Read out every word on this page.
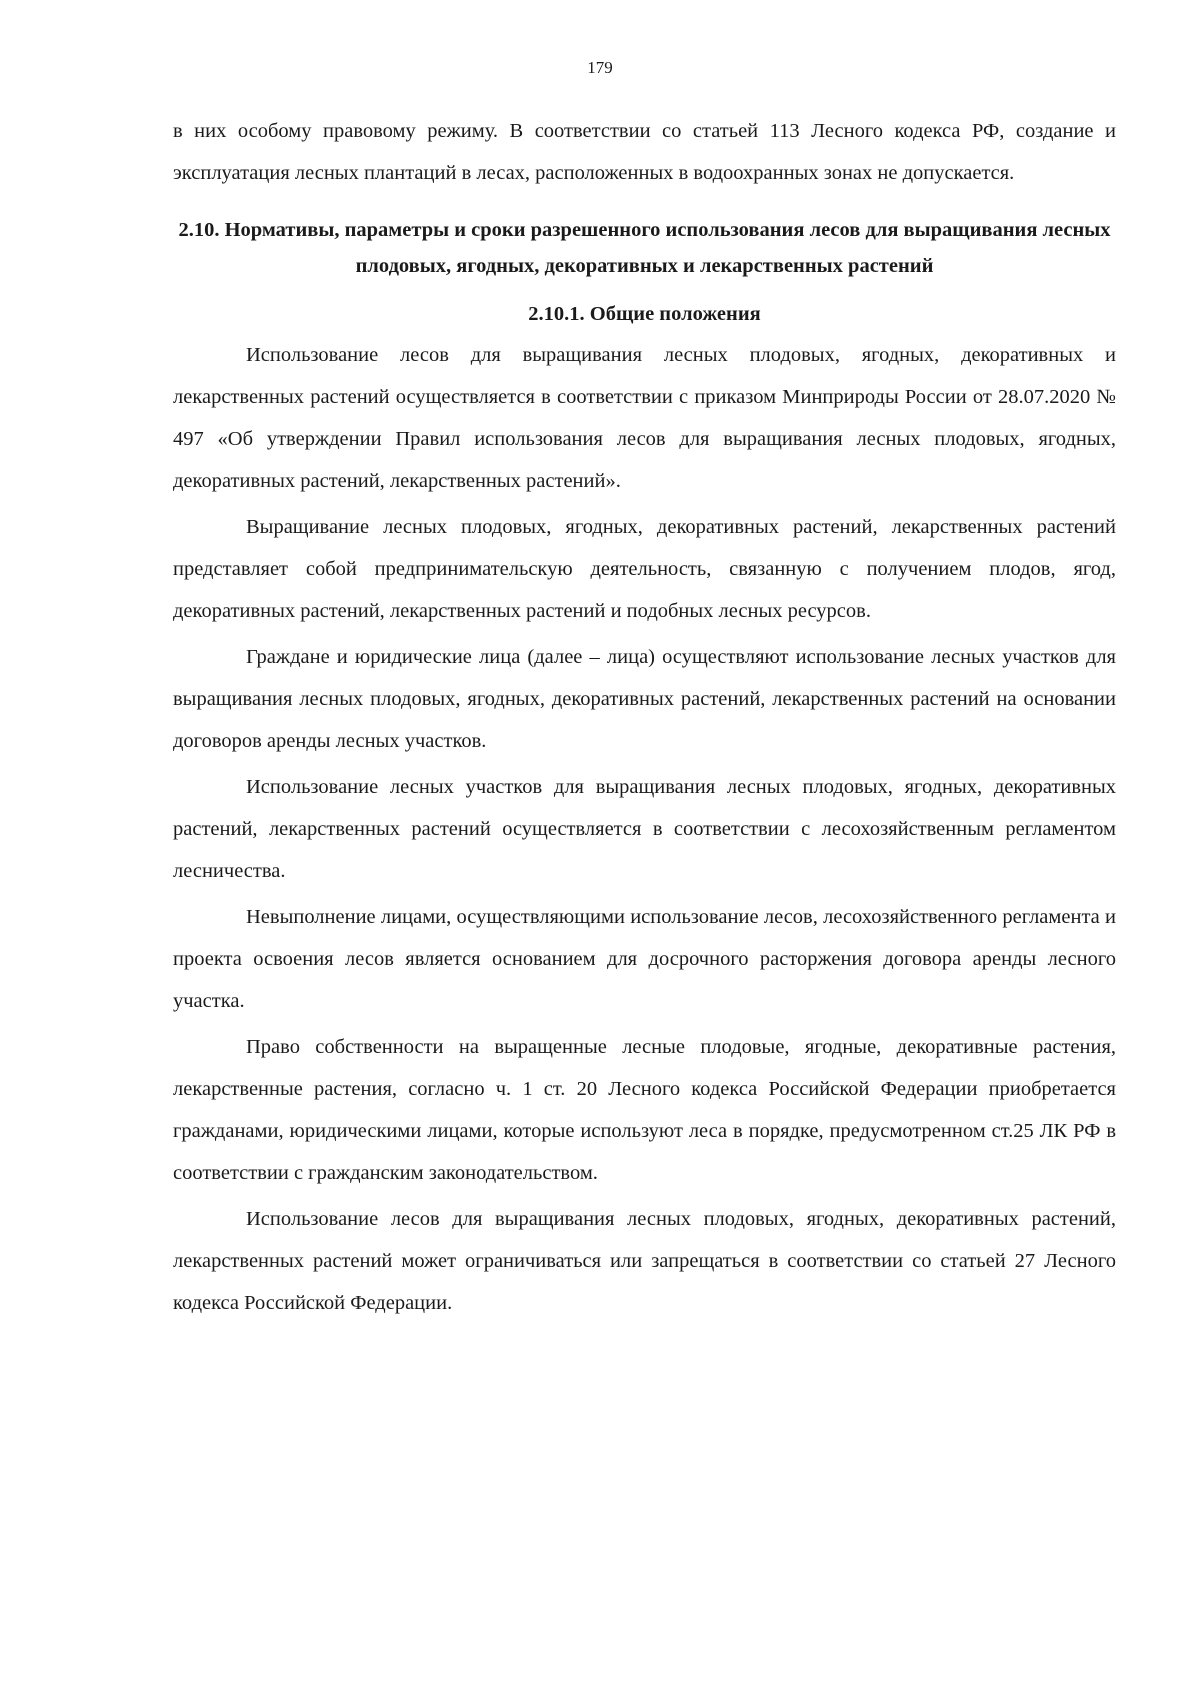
179

в них особому правовому режиму. В соответствии со статьей 113 Лесного кодекса РФ, создание и эксплуатация лесных плантаций в лесах, расположенных в водоохранных зонах не допускается.

2.10. Нормативы, параметры и сроки разрешенного использования лесов для выращивания лесных плодовых, ягодных, декоративных и лекарственных растений
2.10.1. Общие положения

Использование лесов для выращивания лесных плодовых, ягодных, декоративных и лекарственных растений осуществляется в соответствии с приказом Минприроды России от 28.07.2020 № 497 «Об утверждении Правил использования лесов для выращивания лесных плодовых, ягодных, декоративных растений, лекарственных растений».

Выращивание лесных плодовых, ягодных, декоративных растений, лекарственных растений представляет собой предпринимательскую деятельность, связанную с получением плодов, ягод, декоративных растений, лекарственных растений и подобных лесных ресурсов.

Граждане и юридические лица (далее – лица) осуществляют использование лесных участков для выращивания лесных плодовых, ягодных, декоративных растений, лекарственных растений на основании договоров аренды лесных участков.

Использование лесных участков для выращивания лесных плодовых, ягодных, декоративных растений, лекарственных растений осуществляется в соответствии с лесохозяйственным регламентом лесничества.

Невыполнение лицами, осуществляющими использование лесов, лесохозяйственного регламента и проекта освоения лесов является основанием для досрочного расторжения договора аренды лесного участка.

Право собственности на выращенные лесные плодовые, ягодные, декоративные растения, лекарственные растения, согласно ч. 1 ст. 20 Лесного кодекса Российской Федерации приобретается гражданами, юридическими лицами, которые используют леса в порядке, предусмотренном ст.25 ЛК РФ в соответствии с гражданским законодательством.

Использование лесов для выращивания лесных плодовых, ягодных, декоративных растений, лекарственных растений может ограничиваться или запрещаться в соответствии со статьей 27 Лесного кодекса Российской Федерации.
